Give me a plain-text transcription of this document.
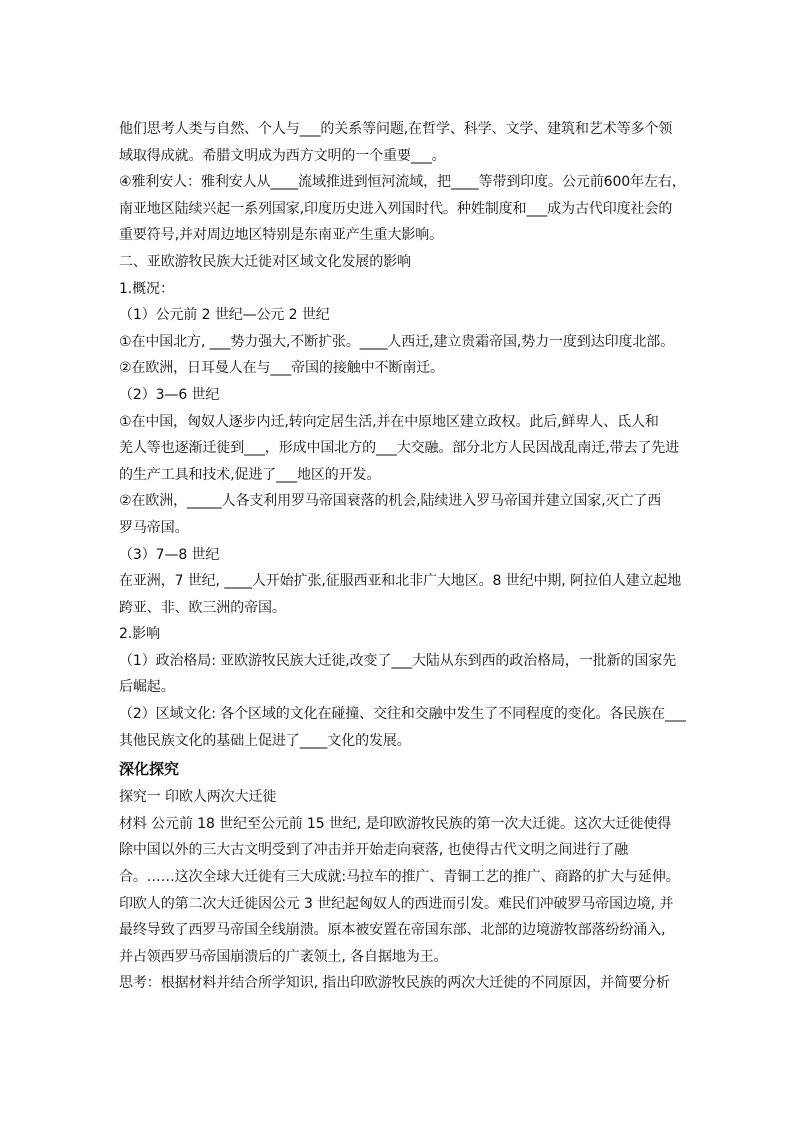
他们思考人类与自然、个人与___的关系等问题,在哲学、科学、文学、建筑和艺术等多个领
域取得成就。希腊文明成为西方文明的一个重要___。
④雅利安人：雅利安人从____流域推进到恒河流域，把____等带到印度。公元前600年左右，
南亚地区陆续兴起一系列国家,印度历史进入列国时代。种姓制度和___成为古代印度社会的
重要符号,并对周边地区特别是东南亚产生重大影响。
二、亚欧游牧民族大迁徙对区域文化发展的影响
1.概况：
（1）公元前 2 世纪—公元 2 世纪
①在中国北方, ___势力强大,不断扩张。____人西迁,建立贵霜帝国,势力一度到达印度北部。
②在欧洲，日耳曼人在与___帝国的接触中不断南迁。
（2）3—6 世纪
①在中国，匈奴人逐步内迁,转向定居生活,并在中原地区建立政权。此后,鲜卑人、氐人和
羌人等也逐渐迁徙到___，形成中国北方的___大交融。部分北方人民因战乱南迁,带去了先进
的生产工具和技术,促进了___地区的开发。
②在欧洲，_____人各支利用罗马帝国衰落的机会,陆续进入罗马帝国并建立国家,灭亡了西
罗马帝国。
（3）7—8 世纪
在亚洲，7 世纪, ____人开始扩张,征服西亚和北非广大地区。8 世纪中期, 阿拉伯人建立起地
跨亚、非、欧三洲的帝国。
2.影响
（1）政治格局: 亚欧游牧民族大迁徙,改变了___大陆从东到西的政治格局，一批新的国家先
后崛起。
（2）区域文化: 各个区域的文化在碰撞、交往和交融中发生了不同程度的变化。各民族在___
其他民族文化的基础上促进了____文化的发展。
深化探究
探究一 印欧人两次大迁徙
材料 公元前 18 世纪至公元前 15 世纪, 是印欧游牧民族的第一次大迁徙。这次大迁徙使得
除中国以外的三大古文明受到了冲击并开始走向衰落, 也使得古代文明之间进行了融
合。……这次全球大迁徙有三大成就:马拉车的推广、青铜工艺的推广、商路的扩大与延伸。
印欧人的第二次大迁徙因公元 3 世纪起匈奴人的西进而引发。难民们冲破罗马帝国边境, 并
最终导致了西罗马帝国全线崩溃。原本被安置在帝国东部、北部的边境游牧部落纷纷涌入,
并占领西罗马帝国崩溃后的广袤领土, 各自据地为王。
思考：根据材料并结合所学知识, 指出印欧游牧民族的两次大迁徙的不同原因，并简要分析
